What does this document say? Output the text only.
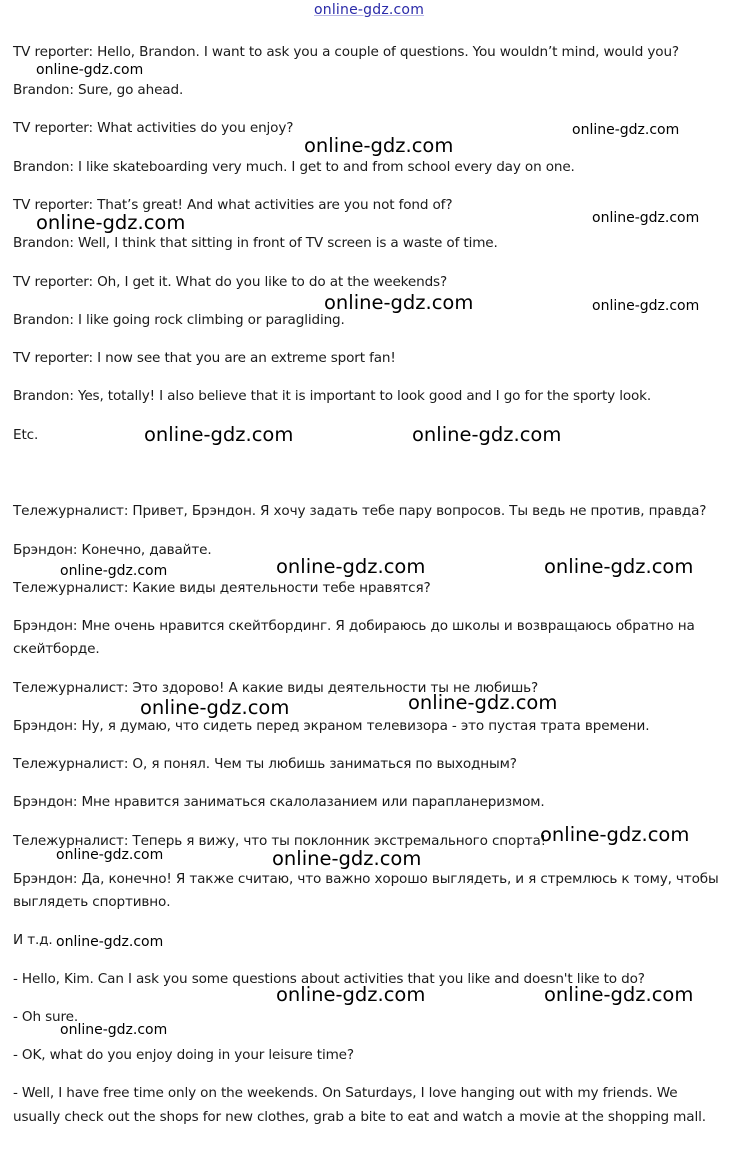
online-gdz.com
TV reporter: Hello, Brandon. I want to ask you a couple of questions. You wouldn’t mind, would you?
Brandon: Sure, go ahead.
TV reporter: What activities do you enjoy?
Brandon: I like skateboarding very much. I get to and from school every day on one.
TV reporter: That’s great! And what activities are you not fond of?
Brandon: Well, I think that sitting in front of TV screen is a waste of time.
TV reporter: Oh, I get it. What do you like to do at the weekends?
Brandon: I like going rock climbing or paragliding.
TV reporter: I now see that you are an extreme sport fan!
Brandon: Yes, totally! I also believe that it is important to look good and I go for the sporty look.
Etc.
Тележурналист: Привет, Брэндон. Я хочу задать тебе пару вопросов. Ты ведь не против, правда?
Брэндон: Конечно, давайте.
Тележурналист: Какие виды деятельности тебе нравятся?
Брэндон: Мне очень нравится скейтбординг. Я добираюсь до школы и возвращаюсь обратно на
скейтборде.
Тележурналист: Это здорово! А какие виды деятельности ты не любишь?
Брэндон: Ну, я думаю, что сидеть перед экраном телевизора - это пустая трата времени.
Тележурналист: О, я понял. Чем ты любишь заниматься по выходным?
Брэндон: Мне нравится заниматься скалолазанием или парапланеризмом.
Тележурналист: Теперь я вижу, что ты поклонник экстремального спорта!
Брэндон: Да, конечно! Я также считаю, что важно хорошо выглядеть, и я стремлюсь к тому, чтобы
выглядеть спортивно.
И т.д.
- Hello, Kim. Can I ask you some questions about activities that you like and doesn't like to do?
- Oh sure.
- OK, what do you enjoy doing in your leisure time?
- Well, I have free time only on the weekends. On Saturdays, I love hanging out with my friends. We
usually check out the shops for new clothes, grab a bite to eat and watch a movie at the shopping mall.
online-gdz.com
online-gdz.com
online-gdz.com
online-gdz.com	online-gdz.com
online-gdz.com	online-gdz.com
online-gdz.com	online-gdz.com
online-gdz.com	online-gdz.com
online-gdz.com
online-gdz.com
online-gdz.com
online-gdz.com
online-gdz.com	online-gdz.com
online-gdz.com
online-gdz.com	online-gdz.com
online-gdz.com
